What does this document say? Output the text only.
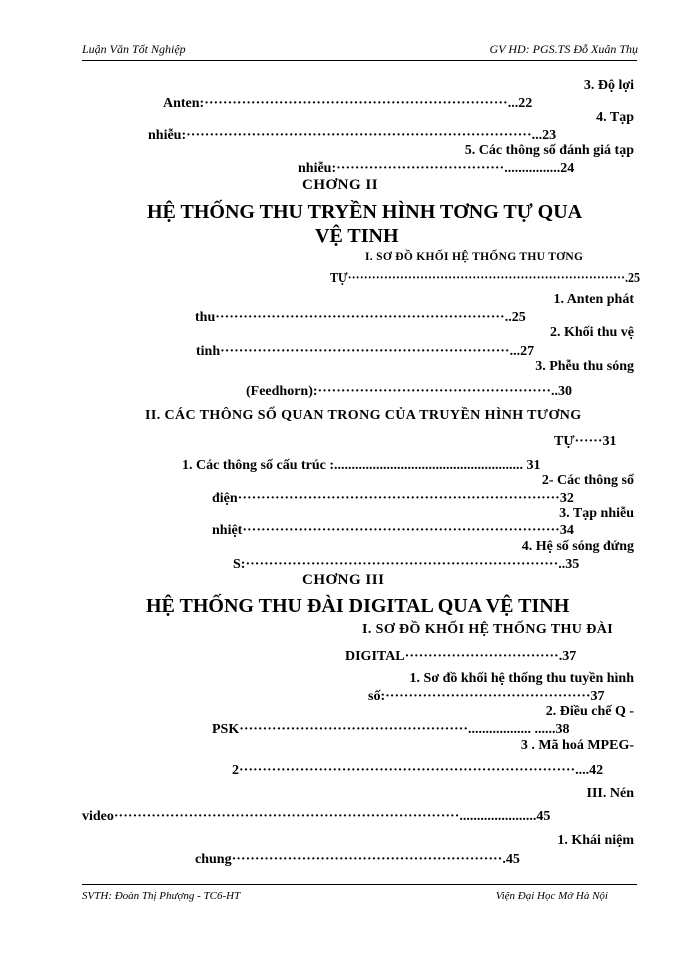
Luận Văn Tốt Nghiệp	GV HD: PGS.TS Đỗ Xuân Thụ
3. Độ lợi
Anten:·································································...22
4. Tạp
nhiễu:··········································································...23
5. Các thông số đánh giá tạp
nhiễu:····································................24
CHƠNG II
HỆ THỐNG THU TRYỀN HÌNH TƠNG TỰ QUA
VỆ TINH
I. SƠ ĐỒ KHỐI HỆ THỐNG THU TƠNG
TỰ·····································································.25
1. Anten phát
thu······························································..25
2. Khối thu vệ
tinh······························································...27
3. Phễu thu sóng
(Feedhorn):··················································..30
II. CÁC THÔNG SỐ QUAN TRONG CỦA TRUYỀN HÌNH TƯƠNG
TỰ······31
1. Các thông số cấu trúc :...................................................... 31
2- Các thông số
điện·····································································32
3. Tạp nhiễu
nhiệt····································································34
4. Hệ số sóng đứng
S:···································································..35
CHƠNG III
HỆ THỐNG THU ĐÀI DIGITAL QUA VỆ TINH
I. SƠ ĐỒ KHỐI HỆ THỐNG THU ĐÀI
DIGITAL·································.37
1. Sơ đồ khối hệ thống thu tuyền hình
số:············································37
2. Điều chế Q -
PSK·················································.................. ......38
3 . Mã hoá MPEG-
2········································································....42
III. Nén
video··········································································......................45
1. Khái niệm
chung··························································.45
SVTH: Đoàn Thị Phượng - TC6-HT	Viện Đại Học Mở Hà Nội
